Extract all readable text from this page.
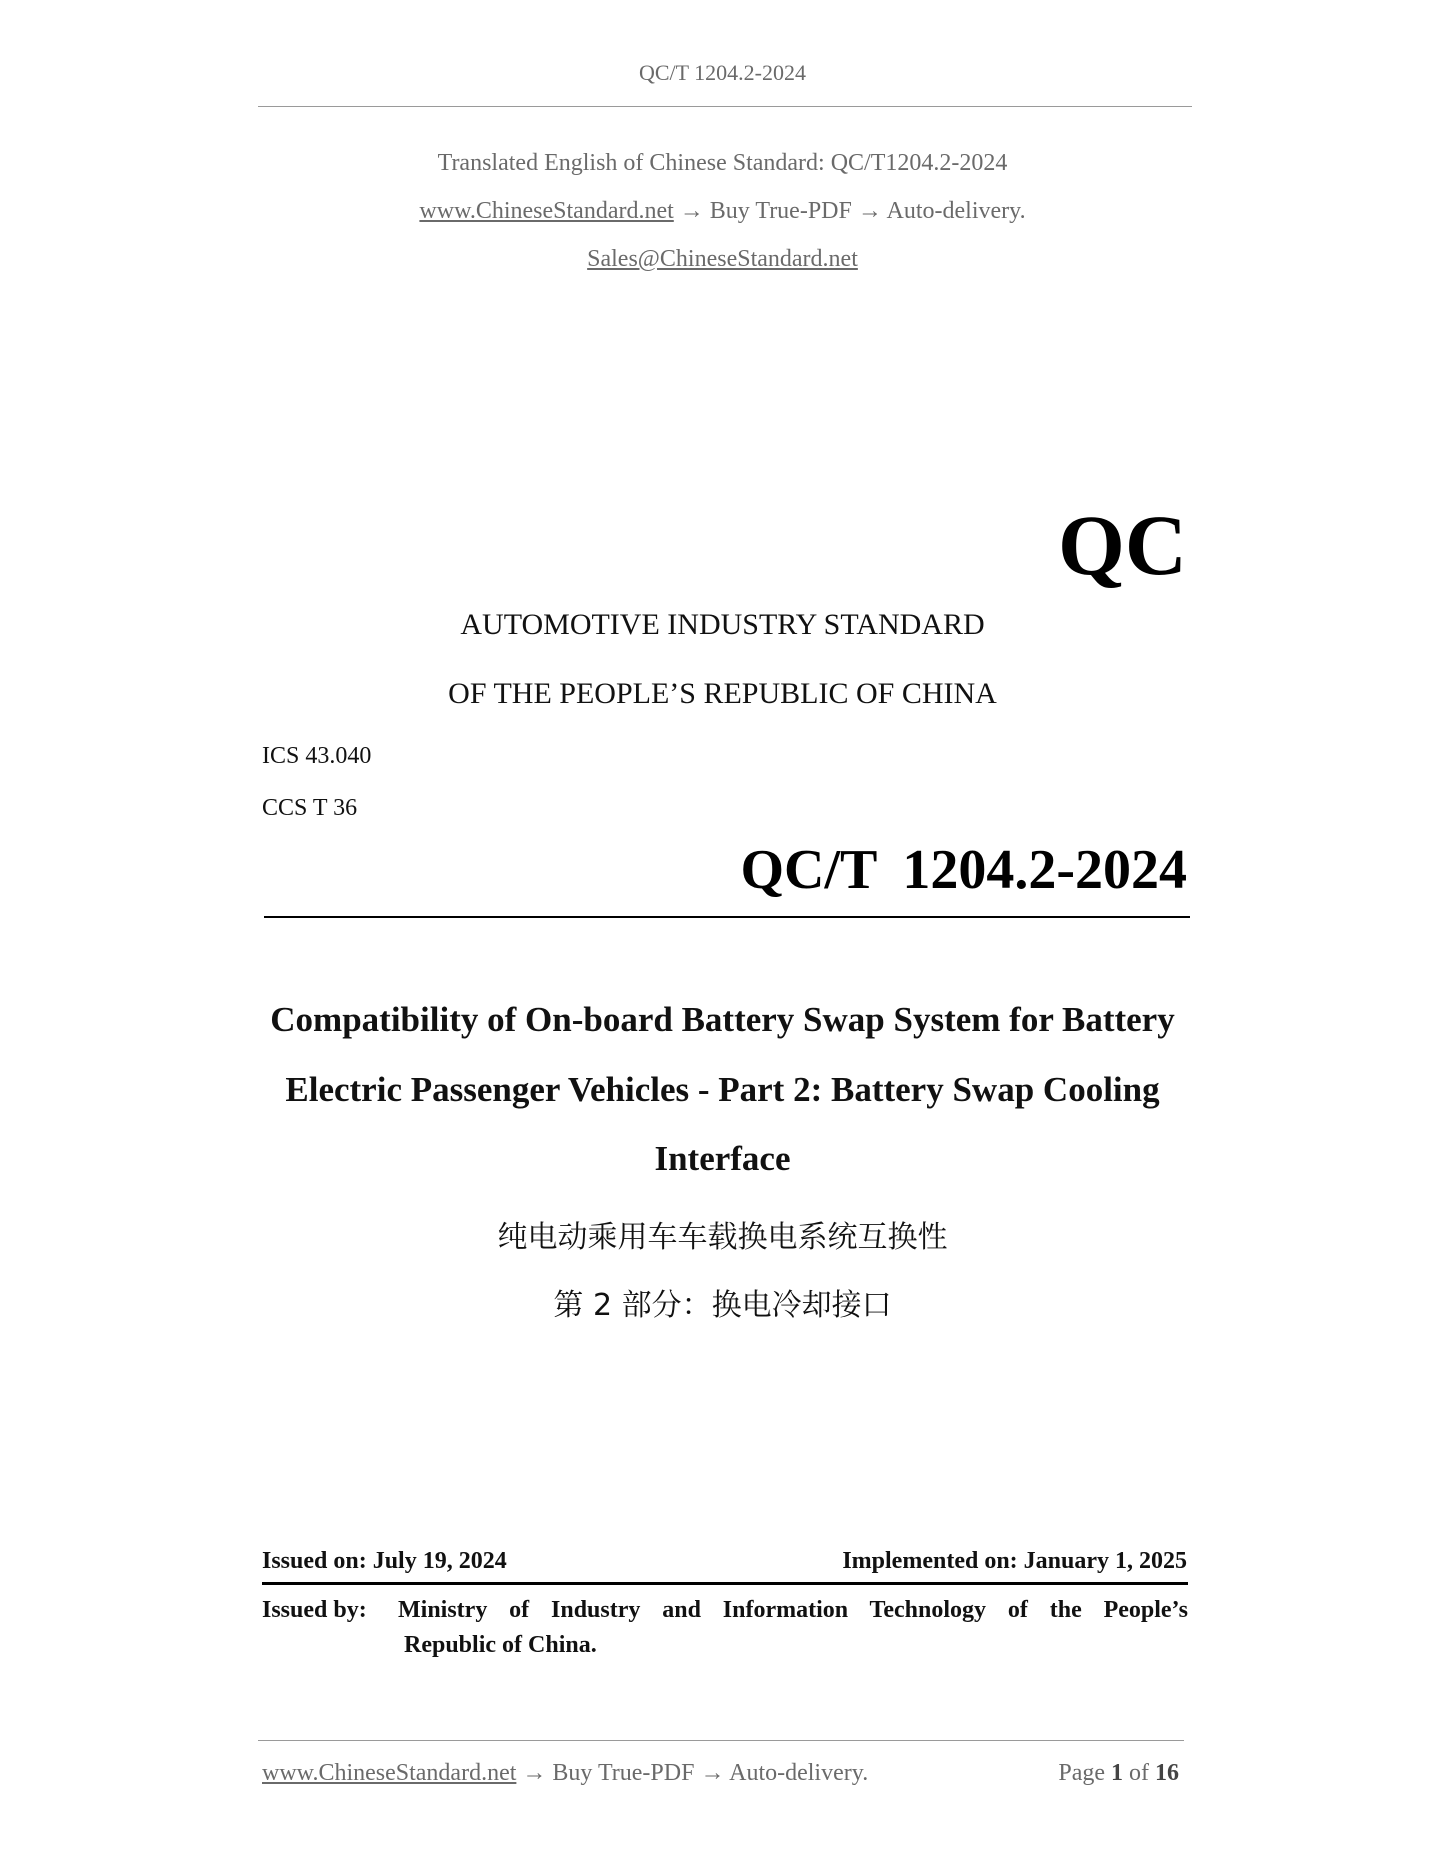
QC/T 1204.2-2024
Translated English of Chinese Standard: QC/T1204.2-2024
www.ChineseStandard.net → Buy True-PDF → Auto-delivery.
Sales@ChineseStandard.net
QC
AUTOMOTIVE INDUSTRY STANDARD
OF THE PEOPLE’S REPUBLIC OF CHINA
ICS 43.040
CCS T 36
QC/T 1204.2-2024
Compatibility of On-board Battery Swap System for Battery
Electric Passenger Vehicles - Part 2: Battery Swap Cooling
Interface
纯电动乘用车车载换电系统互换性
第 2 部分：换电冷却接口
Issued on: July 19, 2024	Implemented on: January 1, 2025
Issued by: Ministry of Industry and Information Technology of the People’s
Republic of China.
www.ChineseStandard.net → Buy True-PDF → Auto-delivery.	Page 1 of 16
